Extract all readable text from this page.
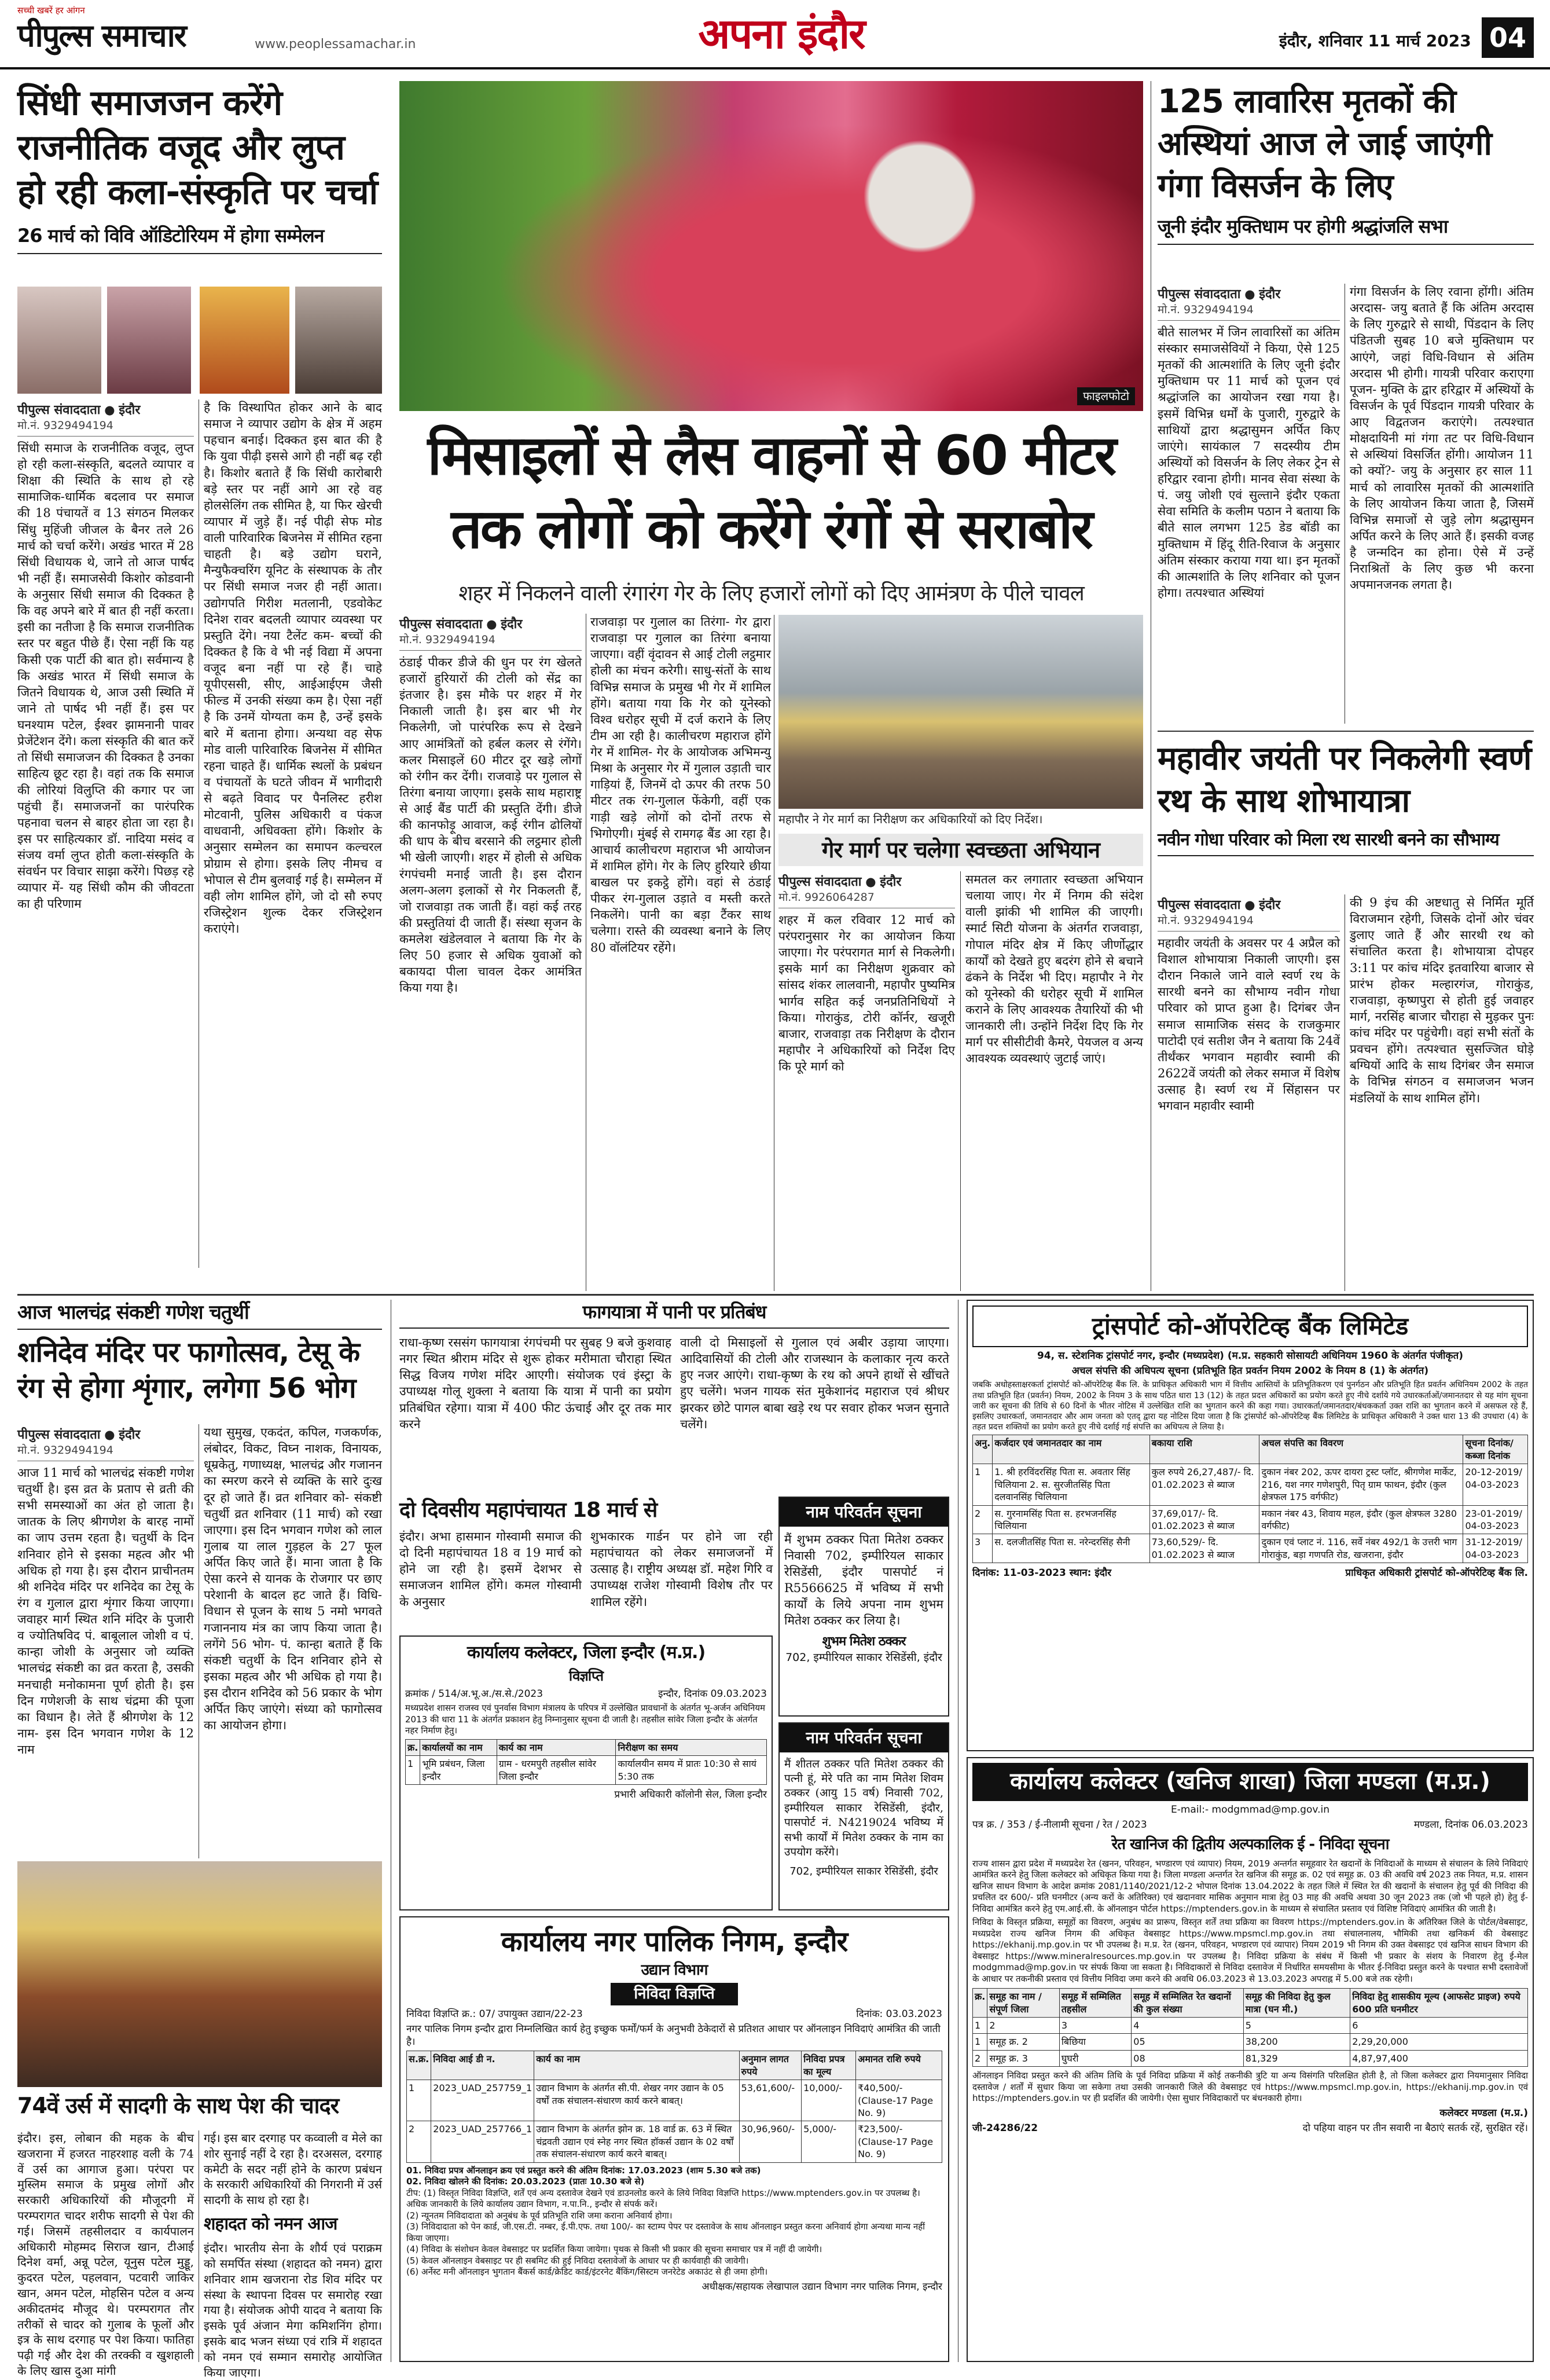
सच्ची खबरें हर आंगन
पीपुल्स समाचार	www.peoplessamachar.in	अपना इंदौर	इंदौर, शनिवार 11 मार्च 2023 04
सिंधी समाजजन करेंगे राजनीतिक वजूद और लुप्त हो रही कला-संस्कृति पर चर्चा
26 मार्च को विवि ऑडिटोरियम में होगा सम्मेलन
पीपुल्स संवाददाता ● इंदौर
मो.नं. 9329494194
सिंधी समाज के राजनीतिक वजूद, लुप्त हो रही कला-संस्कृति, बदलते व्यापार व शिक्षा की स्थिति के साथ हो रहे सामाजिक-धार्मिक बदलाव पर समाज की 18 पंचायतें व 13 संगठन मिलकर सिंधु मुहिंजी जीजल के बैनर तले 26 मार्च को चर्चा करेंगे। अखंड भारत में 28 सिंधी विधायक थे, जाने तो आज पार्षद भी नहीं हैं। समाजसेवी किशोर कोडवानी के अनुसार सिंधी समाज की दिक्कत है कि वह अपने बारे में बात ही नहीं करता। इसी का नतीजा है कि समाज राजनीतिक स्तर पर बहुत पीछे हैं। ऐसा नहीं कि यह किसी एक पार्टी की बात हो। सर्वमान्य है कि अखंड भारत में सिंधी समाज के जितने विधायक थे, आज उसी स्थिति में जाने तो पार्षद भी नहीं हैं। इस पर घनश्याम पटेल, ईश्वर झामनानी पावर प्रेजेंटेशन देंगे। कला संस्कृति की बात करें तो सिंधी समाजजन की दिक्कत है उनका साहित्य छूट रहा है। वहां तक कि समाज की लोरियां विलुप्ति की कगार पर जा पहुंची हैं। समाजजनों का पारंपरिक पहनावा चलन से बाहर होता जा रहा है। इस पर साहित्यकार डॉ. नादिया मसंद व संजय वर्मा लुप्त होती कला-संस्कृति के संवर्धन पर विचार साझा करेंगे। पिछड़ रहे व्यापार में- यह सिंधी कौम की जीवटता का ही परिणाम
है कि विस्थापित होकर आने के बाद समाज ने व्यापार उद्योग के क्षेत्र में अहम पहचान बनाई। दिक्कत इस बात की है कि युवा पीढ़ी इससे आगे ही नहीं बढ़ रही है। किशोर बताते हैं कि सिंधी कारोबारी बड़े स्तर पर नहीं आगे आ रहे वह होलसेलिंग तक सीमित है, या फिर खेरची व्यापार में जुड़े हैं। नई पीढ़ी सेफ मोड वाली पारिवारिक बिजनेस में सीमित रहना चाहती है। बड़े उद्योग घराने, मैन्युफैक्चरिंग यूनिट के संस्थापक के तौर पर सिंधी समाज नजर ही नहीं आता। उद्योगपति गिरीश मतलानी, एडवोकेट दिनेश रावर बदलती व्यापार व्यवस्था पर प्रस्तुति देंगे। नया टैलेंट कम- बच्चों की दिक्कत है कि वे भी नई विद्या में अपना वजूद बना नहीं पा रहे हैं। चाहे यूपीएससी, सीए, आईआईएम जैसी फील्ड में उनकी संख्या कम है। ऐसा नहीं है कि उनमें योग्यता कम है, उन्हें इसके बारे में बताना होगा। अन्यथा वह सेफ मोड वाली पारिवारिक बिजनेस में सीमित रहना चाहते हैं। धार्मिक स्थलों के प्रबंधन व पंचायतों के घटते जीवन में भागीदारी से बढ़ते विवाद पर पैनलिस्ट हरीश मोटवानी, पुलिस अधिकारी व पंकज वाधवानी, अधिवक्ता होंगे। किशोर के अनुसार सम्मेलन का समापन कल्चरल प्रोग्राम से होगा। इसके लिए नीमच व भोपाल से टीम बुलवाई गई है। सम्मेलन में वही लोग शामिल होंगे, जो दो सौ रुपए रजिस्ट्रेशन शुल्क देकर रजिस्ट्रेशन कराएंगे।
फाइलफोटो
मिसाइलों से लैस वाहनों से 60 मीटर तक लोगों को करेंगे रंगों से सराबोर
शहर में निकलने वाली रंगारंग गेर के लिए हजारों लोगों को दिए आमंत्रण के पीले चावल
पीपुल्स संवाददाता ● इंदौर
मो.नं. 9329494194
ठंडाई पीकर डीजे की धुन पर रंग खेलते हजारों हुरियारों की टोली को सेंद्र का इंतजार है। इस मौके पर शहर में गेर निकाली जाती है। इस बार भी गेर निकलेगी, जो पारंपरिक रूप से देखने आए आमंत्रितों को हर्बल कलर से रंगेंगे। कलर मिसाइलें 60 मीटर दूर खड़े लोगों को रंगीन कर देंगी। राजवाड़े पर गुलाल से तिरंगा बनाया जाएगा। इसके साथ महाराष्ट्र से आई बैंड पार्टी की प्रस्तुति देंगी। डीजे की कानफोड़ू आवाज, कई रंगीन ढोलियों की धाप के बीच बरसाने की लट्ठमार होली भी खेली जाएगी। शहर में होली से अधिक रंगपंचमी मनाई जाती है। इस दौरान अलग-अलग इलाकों से गेर निकलती हैं, जो राजवाड़ा तक जाती हैं। वहां कई तरह की प्रस्तुतियां दी जाती हैं। संस्था सृजन के कमलेश खंडेलवाल ने बताया कि गेर के लिए 50 हजार से अधिक युवाओं को बकायदा पीला चावल देकर आमंत्रित किया गया है।
राजवाड़ा पर गुलाल का तिरंगा- गेर द्वारा राजवाड़ा पर गुलाल का तिरंगा बनाया जाएगा। वहीं वृंदावन से आई टोली लट्ठमार होली का मंचन करेगी। साधु-संतों के साथ विभिन्न समाज के प्रमुख भी गेर में शामिल होंगे। बताया गया कि गेर को यूनेस्को विश्व धरोहर सूची में दर्ज कराने के लिए टीम आ रही है। कालीचरण महाराज होंगे गेर में शामिल- गेर के आयोजक अभिमन्यु मिश्रा के अनुसार गेर में गुलाल उड़ाती चार गाड़ियां हैं, जिनमें दो ऊपर की तरफ 50 मीटर तक रंग-गुलाल फेंकेगी, वहीं एक गाड़ी खड़े लोगों को दोनों तरफ से भिगोएगी। मुंबई से रामगढ़ बैंड आ रहा है। आचार्य कालीचरण महाराज भी आयोजन में शामिल होंगे। गेर के लिए हुरियारे छीया बाखल पर इकट्ठे होंगे। वहां से ठंडाई पीकर रंग-गुलाल उड़ाते व मस्ती करते निकलेंगे। पानी का बड़ा टैंकर साथ चलेगा। रास्ते की व्यवस्था बनाने के लिए 80 वॉलंटियर रहेंगे।
महापौर ने गेर मार्ग का निरीक्षण कर अधिकारियों को दिए निर्देश।
गेर मार्ग पर चलेगा स्वच्छता अभियान
पीपुल्स संवाददाता ● इंदौर
मो.नं. 9926064287
शहर में कल रविवार 12 मार्च को परंपरानुसार गेर का आयोजन किया जाएगा। गेर परंपरागत मार्ग से निकलेगी। इसके मार्ग का निरीक्षण शुक्रवार को सांसद शंकर लालवानी, महापौर पुष्यमित्र भार्गव सहित कई जनप्रतिनिधियों ने किया। गोराकुंड, टोरी कॉर्नर, खजूरी बाजार, राजवाड़ा तक निरीक्षण के दौरान महापौर ने अधिकारियों को निर्देश दिए कि पूरे मार्ग को
समतल कर लगातार स्वच्छता अभियान चलाया जाए। गेर में निगम की संदेश वाली झांकी भी शामिल की जाएगी। स्मार्ट सिटी योजना के अंतर्गत राजवाड़ा, गोपाल मंदिर क्षेत्र में किए जीर्णोद्धार कार्यों को देखते हुए बदरंग होने से बचाने ढंकने के निर्देश भी दिए। महापौर ने गेर को यूनेस्को की धरोहर सूची में शामिल कराने के लिए आवश्यक तैयारियों की भी जानकारी ली। उन्होंने निर्देश दिए कि गेर मार्ग पर सीसीटीवी कैमरे, पेयजल व अन्य आवश्यक व्यवस्थाएं जुटाई जाएं।
125 लावारिस मृतकों की अस्थियां आज ले जाई जाएंगी गंगा विसर्जन के लिए
जूनी इंदौर मुक्तिधाम पर होगी श्रद्धांजलि सभा
पीपुल्स संवाददाता ● इंदौर
मो.नं. 9329494194
बीते सालभर में जिन लावारिसों का अंतिम संस्कार समाजसेवियों ने किया, ऐसे 125 मृतकों की आत्मशांति के लिए जूनी इंदौर मुक्तिधाम पर 11 मार्च को पूजन एवं श्रद्धांजलि का आयोजन रखा गया है। इसमें विभिन्न धर्मों के पुजारी, गुरुद्वारे के साथियों द्वारा श्रद्धासुमन अर्पित किए जाएंगे। सायंकाल 7 सदस्यीय टीम अस्थियों को विसर्जन के लिए लेकर ट्रेन से हरिद्वार रवाना होगी। मानव सेवा संस्था के पं. जयु जोशी एवं सुल्ताने इंदौर एकता सेवा समिति के कलीम पठान ने बताया कि बीते साल लगभग 125 डेड बॉडी का मुक्तिधाम में हिंदू रीति-रिवाज के अनुसार अंतिम संस्कार कराया गया था। इन मृतकों की आत्मशांति के लिए शनिवार को पूजन होगा। तत्पश्चात अस्थियां
गंगा विसर्जन के लिए रवाना होंगी। अंतिम अरदास- जयु बताते हैं कि अंतिम अरदास के लिए गुरुद्वारे से साथी, पिंडदान के लिए पंडितजी सुबह 10 बजे मुक्तिधाम पर आएंगे, जहां विधि-विधान से अंतिम अरदास भी होगी। गायत्री परिवार कराएगा पूजन- मुक्ति के द्वार हरिद्वार में अस्थियों के विसर्जन के पूर्व पिंडदान गायत्री परिवार के आए विद्वतजन कराएंगे। तत्पश्चात मोक्षदायिनी मां गंगा तट पर विधि-विधान से अस्थियां विसर्जित होंगी। आयोजन 11 को क्यों?- जयु के अनुसार हर साल 11 मार्च को लावारिस मृतकों की आत्मशांति के लिए आयोजन किया जाता है, जिसमें विभिन्न समाजों से जुड़े लोग श्रद्धासुमन अर्पित करने के लिए आते हैं। इसकी वजह है जन्मदिन का होना। ऐसे में उन्हें निराश्रितों के लिए कुछ भी करना अपमानजनक लगता है।
महावीर जयंती पर निकलेगी स्वर्ण रथ के साथ शोभायात्रा
नवीन गोधा परिवार को मिला रथ सारथी बनने का सौभाग्य
पीपुल्स संवाददाता ● इंदौर
मो.नं. 9329494194
महावीर जयंती के अवसर पर 4 अप्रैल को विशाल शोभायात्रा निकाली जाएगी। इस दौरान निकाले जाने वाले स्वर्ण रथ के सारथी बनने का सौभाग्य नवीन गोधा परिवार को प्राप्त हुआ है। दिगंबर जैन समाज सामाजिक संसद के राजकुमार पाटोदी एवं सतीश जैन ने बताया कि 24वें तीर्थंकर भगवान महावीर स्वामी की 2622वें जयंती को लेकर समाज में विशेष उत्साह है। स्वर्ण रथ में सिंहासन पर भगवान महावीर स्वामी
की 9 इंच की अष्टधातु से निर्मित मूर्ति विराजमान रहेगी, जिसके दोनों ओर चंवर डुलाए जाते हैं और सारथी रथ को संचालित करता है। शोभायात्रा दोपहर 3:11 पर कांच मंदिर इतवारिया बाजार से प्रारंभ होकर मल्हारगंज, गोराकुंड, राजवाड़ा, कृष्णपुरा से होती हुई जवाहर मार्ग, नरसिंह बाजार चौराहा से मुड़कर पुनः कांच मंदिर पर पहुंचेगी। वहां सभी संतों के प्रवचन होंगे। तत्पश्चात सुसज्जित घोड़े बग्घियों आदि के साथ दिगंबर जैन समाज के विभिन्न संगठन व समाजजन भजन मंडलियों के साथ शामिल होंगे।
आज भालचंद्र संकष्टी गणेश चतुर्थी
शनिदेव मंदिर पर फागोत्सव, टेसू के रंग से होगा शृंगार, लगेगा 56 भोग
पीपुल्स संवाददाता ● इंदौर
मो.नं. 9329494194
आज 11 मार्च को भालचंद्र संकष्टी गणेश चतुर्थी है। इस व्रत के प्रताप से व्रती की सभी समस्याओं का अंत हो जाता है। जातक के लिए श्रीगणेश के बारह नामों का जाप उत्तम रहता है। चतुर्थी के दिन शनिवार होने से इसका महत्व और भी अधिक हो गया है। इस दौरान प्राचीनतम श्री शनिदेव मंदिर पर शनिदेव का टेसू के रंग व गुलाल द्वारा शृंगार किया जाएगा। जवाहर मार्ग स्थित शनि मंदिर के पुजारी व ज्योतिषविद पं. बाबूलाल जोशी व पं. कान्हा जोशी के अनुसार जो व्यक्ति भालचंद्र संकष्टी का व्रत करता है, उसकी मनचाही मनोकामना पूर्ण होती है। इस दिन गणेशजी के साथ चंद्रमा की पूजा का विधान है। लेते हैं श्रीगणेश के 12 नाम- इस दिन भगवान गणेश के 12 नाम
यथा सुमुख, एकदंत, कपिल, गजकर्णक, लंबोदर, विकट, विघ्न नाशक, विनायक, धूम्रकेतु, गणाध्यक्ष, भालचंद्र और गजानन का स्मरण करने से व्यक्ति के सारे दुःख दूर हो जाते हैं। व्रत शनिवार को- संकष्टी चतुर्थी व्रत शनिवार (11 मार्च) को रखा जाएगा। इस दिन भगवान गणेश को लाल गुलाब या लाल गुड़हल के 27 फूल अर्पित किए जाते हैं। माना जाता है कि ऐसा करने से यानक के रोजगार पर छाए परेशानी के बादल हट जाते हैं। विधि-विधान से पूजन के साथ 5 नमो भगवते गजाननाय मंत्र का जाप किया जाता है। लगेंगे 56 भोग- पं. कान्हा बताते हैं कि संकष्टी चतुर्थी के दिन शनिवार होने से इसका महत्व और भी अधिक हो गया है। इस दौरान शनिदेव को 56 प्रकार के भोग अर्पित किए जाएंगे। संध्या को फागोत्सव का आयोजन होगा।
74वें उर्स में सादगी के साथ पेश की चादर
इंदौर। इस, लोबान की महक के बीच खजराना में हजरत नाहरशाह वली के 74 वें उर्स का आगाज हुआ। परंपरा पर मुस्लिम समाज के प्रमुख लोगों और सरकारी अधिकारियों की मौजूदगी में परम्परागत चादर शरीफ सादगी से पेश की गई। जिसमें तहसीलदार व कार्यपालन अधिकारी मोहम्मद सिराज खान, टीआई दिनेश वर्मा, अन्नू पटेल, यूनुस पटेल मुड्डू, कुदरत पटेल, पहलवान, पटवारी जाकिर खान, अमन पटेल, मोहसिन पटेल व अन्य अकीदतमंद मौजूद थे। परम्परागत तौर तरीकों से चादर को गुलाब के फूलों और इत्र के साथ दरगाह पर पेश किया। फातिहा पढ़ी गई और देश की तरक्की व खुशहाली के लिए खास दुआ मांगी
गई। इस बार दरगाह पर कव्वाली व मेले का शोर सुनाई नहीं दे रहा है। दरअसल, दरगाह कमेटी के सदर नहीं होने के कारण प्रबंधन के सरकारी अधिकारियों की निगरानी में उर्स सादगी के साथ हो रहा है।
शहादत को नमन आज
इंदौर। भारतीय सेना के शौर्य एवं पराक्रम को समर्पित संस्था (शहादत को नमन) द्वारा शनिवार शाम खजराना रोड शिव मंदिर पर संस्था के स्थापना दिवस पर समारोह रखा गया है। संयोजक ओपी यादव ने बताया कि इसके पूर्व अंजान मेगा कमिशनिंग होगा। इसके बाद भजन संध्या एवं रात्रि में शहादत को नमन एवं सम्मान समारोह आयोजित किया जाएगा।
फागयात्रा में पानी पर प्रतिबंध
राधा-कृष्ण रससंग फागयात्रा रंगपंचमी पर सुबह 9 बजे कुशवाह नगर स्थित श्रीराम मंदिर से शुरू होकर मरीमाता चौराहा स्थित सिद्ध विजय गणेश मंदिर आएगी। संयोजक एवं इंस्ट्रा के उपाध्यक्ष गोलू शुक्ला ने बताया कि यात्रा में पानी का प्रयोग प्रतिबंधित रहेगा। यात्रा में 400 फीट ऊंचाई और दूर तक मार करने
वाली दो मिसाइलों से गुलाल एवं अबीर उड़ाया जाएगा। आदिवासियों की टोली और राजस्थान के कलाकार नृत्य करते हुए नजर आएंगे। राधा-कृष्ण के रथ को अपने हाथों से खींचते हुए चलेंगे। भजन गायक संत मुकेशानंद महाराज एवं श्रीधर झरकर छोटे पागल बाबा खड़े रथ पर सवार होकर भजन सुनाते चलेंगे।
दो दिवसीय महापंचायत 18 मार्च से
इंदौर। अभा हासमान गोस्वामी समाज की दो दिनी महापंचायत 18 व 19 मार्च को होने जा रही है। इसमें देशभर से समाजजन शामिल होंगे। कमल गोस्वामी के अनुसार
शुभकारक गार्डन पर होने जा रही महापंचायत को लेकर समाजजनों में उत्साह है। राष्ट्रीय अध्यक्ष डॉ. महेश गिरि व उपाध्यक्ष राजेश गोस्वामी विशेष तौर पर शामिल रहेंगे।
कार्यालय कलेक्टर, जिला इन्दौर (म.प्र.)
विज्ञप्ति
क्रमांक / 514/अ.भू.अ./स.से./2023	इन्दौर, दिनांक 09.03.2023
मध्यप्रदेश शासन राजस्व एवं पुनर्वास विभाग मंत्रालय के परिपत्र में उल्लेखित प्रावधानों के अंतर्गत भू-अर्जन अधिनियम 2013 की धारा 11 के अंतर्गत प्रकाशन हेतु निम्नानुसार सूचना दी जाती है। तहसील सांवेर जिला इन्दौर के अंतर्गत नहर निर्माण हेतु।
क्र.	कार्यालयों का नाम	कार्य का नाम	निरीक्षण का समय
1	भूमि प्रबंधन, जिला इन्दौर	ग्राम - धरमपुरी तहसील सांवेर जिला इन्दौर	कार्यालयीन समय में प्रातः 10:30 से सायं 5:30 तक
प्रभारी अधिकारी कॉलोनी सेल, जिला इन्दौर
नाम परिवर्तन सूचना
मैं शुभम ठक्कर पिता मितेश ठक्कर निवासी 702, इम्पीरियल साकार रेसिडेंसी, इंदौर पासपोर्ट नं R5566625 में भविष्य में सभी कार्यों के लिये अपना नाम शुभम मितेश ठक्कर कर लिया है।
शुभम मितेश ठक्कर
702, इम्पीरियल साकार रेसिडेंसी, इंदौर
नाम परिवर्तन सूचना
मैं शीतल ठक्कर पति मितेश ठक्कर की पत्नी हूं, मेरे पति का नाम मितेश शिवम ठक्कर (आयु 15 वर्ष) निवासी 702, इम्पीरियल साकार रेसिडेंसी, इंदौर, पासपोर्ट नं. N4219024 भविष्य में सभी कार्यों में मितेश ठक्कर के नाम का उपयोग करेंगे।
702, इम्पीरियल साकार रेसिडेंसी, इंदौर
कार्यालय नगर पालिक निगम, इन्दौर
उद्यान विभाग
निविदा विज्ञप्ति
निविदा विज्ञप्ति क्र.: 07/ उपायुक्त उद्यान/22-23	दिनांक: 03.03.2023
नगर पालिक निगम इन्दौर द्वारा निम्नलिखित कार्य हेतु इच्छुक फर्मों/फर्म के अनुभवी ठेकेदारों से प्रतिशत आधार पर ऑनलाइन निविदाएं आमंत्रित की जाती है।
स.क्र.	निविदा आई डी न.	कार्य का नाम	अनुमान लागत रुपये	निविदा प्रपत्र का मूल्य	अमानत राशि रुपये
1	2023_UAD_257759_1	उद्यान विभाग के अंतर्गत सी.पी. शेखर नगर उद्यान के 05 वर्षों तक संचालन-संधारण कार्य करने बाबत्।	53,61,600/-	10,000/-	₹40,500/- (Clause-17 Page No. 9)
2	2023_UAD_257766_1	उद्यान विभाग के अंतर्गत झोन क्र. 18 वार्ड क्र. 63 में स्थित चंद्रवती उद्यान एवं स्नेह नगर स्थित हॉकर्स उद्यान के 02 वर्षों तक संचालन-संधारण कार्य करने बाबत्।	30,96,960/-	5,000/-	₹23,500/- (Clause-17 Page No. 9)
01. निविदा प्रपत्र ऑनलाइन क्रय एवं प्रस्तुत करने की अंतिम दिनांक: 17.03.2023 (शाम 5.30 बजे तक)
02. निविदा खोलने की दिनांक: 20.03.2023 (प्रातः 10.30 बजे से)
टीप: (1) विस्तृत निविदा विज्ञप्ति, शर्तें एवं अन्य दस्तावेज देखने एवं डाउनलोड करने के लिये निविदा विज्ञप्ति https://www.mptenders.gov.in पर उपलब्ध है। अधिक जानकारी के लिये कार्यालय उद्यान विभाग, न.पा.नि., इन्दौर से संपर्क करें।
(2) न्यूनतम निविदादाता को अनुबंध के पूर्व प्रतिभूति राशि जमा कराना अनिवार्य होगा।
(3) निविदादाता को पेन कार्ड, जी.एस.टी. नम्बर, ई.पी.एफ. तथा 100/- का स्टाम्प पेपर पर दस्तावेज के साथ ऑनलाइन प्रस्तुत करना अनिवार्य होगा अन्यथा मान्य नहीं किया जाएगा।
(4) निविदा के संशोधन केवल वेबसाइट पर प्रदर्शित किया जायेगा। पृथक से किसी भी प्रकार की सूचना समाचार पत्र में नहीं दी जायेगी।
(5) केवल ऑनलाइन वेबसाइट पर ही सबमिट की हुई निविदा दस्तावेजों के आधार पर ही कार्यवाही की जावेगी।
(6) अर्नेस्ट मनी ऑनलाइन भुगतान बैंकर्स कार्ड/क्रेडिट कार्ड/इंटरनेट बैंकिंग/सिस्टम जनरेटेड अकाउंट से ही जमा होगी।
अधीक्षक/सहायक लेखापाल उद्यान विभाग नगर पालिक निगम, इन्दौर
ट्रांसपोर्ट को-ऑपरेटिव्ह बैंक लिमिटेड
94, स. स्टेशनिक ट्रांसपोर्ट नगर, इन्दौर (मध्यप्रदेश) (म.प्र. सहकारी सोसायटी अधिनियम 1960 के अंतर्गत पंजीकृत)
अचल संपत्ति की अधिपत्य सूचना (प्रतिभूति हित प्रवर्तन नियम 2002 के नियम 8 (1) के अंतर्गत)
जबकि अधोहस्ताक्षरकर्ता ट्रांसपोर्ट को-ऑपरेटिव्ह बैंक लि. के प्राधिकृत अधिकारी भाग में वित्तीय आस्तियों के प्रतिभूतिकरण एवं पुनर्गठन और प्रतिभूति हित प्रवर्तन अधिनियम 2002 के तहत तथा प्रतिभूति हित (प्रवर्तन) नियम, 2002 के नियम 3 के साथ पठित धारा 13 (12) के तहत प्रदत्त अधिकारों का प्रयोग करते हुए नीचे दर्शाये गये उधारकर्ताओं/जमानतदार से यह मांग सूचना जारी कर सूचना की तिथि से 60 दिनों के भीतर नोटिस में उल्लेखित राशि का भुगतान करने की कहा गया। उधारकर्ता/जमानतदार/बंधककर्ता उक्त राशि का भुगतान करने में असफल रहे हैं, इसलिए उधारकर्ता, जमानतदार और आम जनता को एतद् द्वारा यह नोटिस दिया जाता है कि ट्रांसपोर्ट को-ऑपरेटिव्ह बैंक लिमिटेड के प्राधिकृत अधिकारी ने उक्त धारा 13 की उपधारा (4) के तहत प्रदत्त शक्तियों का प्रयोग करते हुए नीचे दर्शाई गई संपत्ति का अधिपत्य ले लिया है।
अनु.	कर्जदार एवं जमानतदार का नाम	बकाया राशि	अचल संपत्ति का विवरण	सूचना दिनांक/ कब्जा दिनांक
1	1. श्री हरविंदरसिंह पिता स. अवतार सिंह चिलियाना 2. स. सुरजीतसिंह पिता दलवानसिंह चिलियाना	कुल रुपये 26,27,487/- दि. 01.02.2023 से ब्याज	दुकान नंबर 202, ऊपर दायरा ट्रस्ट प्लॉट, श्रीगणेश मार्केट, 216, यश नगर गणेशपुरी, पितृ ग्राम फाथन, इंदौर (कुल क्षेत्रफल 175 वर्गफीट)	20-12-2019/ 04-03-2023
2	स. गुरनामसिंह पिता स. हरभजनसिंह चिलियाना	37,69,017/- दि. 01.02.2023 से ब्याज	मकान नंबर 43, शिवाय महल, इंदौर (कुल क्षेत्रफल 3280 वर्गफीट)	23-01-2019/ 04-03-2023
3	स. दलजीतसिंह पिता स. नरेन्दरसिंह सैनी	73,60,529/- दि. 01.02.2023 से ब्याज	दुकान एवं प्लाट नं. 116, सर्वे नंबर 492/1 के उत्तरी भाग गोराकुंड, बड़ा गणपति रोड, खजराना, इंदौर	31-12-2019/ 04-03-2023
दिनांक: 11-03-2023 स्थान: इंदौर	प्राधिकृत अधिकारी ट्रांसपोर्ट को-ऑपरेटिव्ह बैंक लि.
कार्यालय कलेक्टर (खनिज शाखा) जिला मण्डला (म.प्र.)
E-mail:- modgmmad@mp.gov.in
पत्र क्र. / 353 / ई-नीलामी सूचना / रेत / 2023	मण्डला, दिनांक 06.03.2023
रेत खानिज की द्वितीय अल्पकालिक ई - निविदा सूचना
राज्य शासन द्वारा प्रदेश में मध्यप्रदेश रेत (खनन, परिवहन, भण्डारण एवं व्यापार) नियम, 2019 अन्तर्गत समूहवार रेत खदानों के निविदाओं के माध्यम से संचालन के लिये निविदाएं आमंत्रित करने हेतु जिला कलेक्टर को अधिकृत किया गया है। जिला मण्डला अन्तर्गत रेत खनिज की समूह क्र. 02 एवं समूह क्र. 03 की अवधि वर्ष 2023 तक नियत, म.प्र. शासन खनिज साधन विभाग के आदेश क्रमांक 2081/1140/2021/12-2 भोपाल दिनांक 13.04.2022 के तहत जिले में स्थित रेत की खदानों के संचालन हेतु पूर्व की निविदा की प्रचलित दर 600/- प्रति घनमीटर (अन्य करों के अतिरिक्त) एवं खदानवार मासिक अनुमान मात्रा हेतु 03 माह की अवधि अथवा 30 जून 2023 तक (जो भी पहले हो) हेतु ई-निविदा आमंत्रित करने हेतु एम.आई.सी. के ऑनलाइन पोर्टल https://mptenders.gov.in के माध्यम से संचालित प्रस्ताव एवं विशिष्ट निविदाएं आमंत्रित की जाती है।
निविदा के विस्तृत प्रक्रिया, समूहों का विवरण, अनुबंध का प्रारूप, विस्तृत शर्तें तथा प्रक्रिया का विवरण https://mptenders.gov.in के अतिरिक्त जिले के पोर्टल/वेबसाइट, मध्यप्रदेश राज्य खनिज निगम की अधिकृत वेबसाइट https://www.mpsmcl.mp.gov.in तथा संचालनालय, भौमिकी तथा खनिकर्म की वेबसाइट https://ekhanij.mp.gov.in पर भी उपलब्ध है। म.प्र. रेत (खनन, परिवहन, भण्डारण एवं व्यापार) नियम 2019 भी निगम की उक्त वेबसाइट एवं खनिज साधन विभाग की वेबसाइट https://www.mineralresources.mp.gov.in पर उपलब्ध है। निविदा प्रक्रिया के संबंध में किसी भी प्रकार के संशय के निवारण हेतु ई-मेल modgmmad@mp.gov.in पर संपर्क किया जा सकता है। निविदाकारों से निविदा दस्तावेज में निर्धारित समयसीमा के भीतर ई-निविदा प्रस्तुत करने के पश्चात सभी दस्तावेजों के आधार पर तकनीकी प्रस्ताव एवं वित्तीय निविदा जमा करने की अवधि 06.03.2023 से 13.03.2023 अपराह्न में 5.00 बजे तक रहेगी।
क्र.	समूह का नाम / संपूर्ण जिला	समूह में सम्मिलित तहसील	समूह में सम्मिलित रेत खदानों की कुल संख्या	समूह की निविदा हेतु कुल मात्रा (घन मी.)	निविदा हेतु शासकीय मूल्य (आफसेट प्राइज) रुपये 600 प्रति घनमीटर
1	2	3	4	5	6
1	समूह क्र. 2	बिछिया	05	38,200	2,29,20,000
2	समूह क्र. 3	घुघरी	08	81,329	4,87,97,400
ऑनलाइन निविदा प्रस्तुत करने की अंतिम तिथि के पूर्व निविदा प्रक्रिया में कोई तकनीकी त्रुटि या अन्य विसंगति परिलक्षित होती है, तो जिला कलेक्टर द्वारा नियमानुसार निविदा दस्तावेज / शर्तों में सुधार किया जा सकेगा तथा उसकी जानकारी जिले की वेबसाइट एवं https://www.mpsmcl.mp.gov.in, https://ekhanij.mp.gov.in एवं https://mptenders.gov.in पर ही प्रदर्शित की जायेगी। ऐसा सुधार निविदाकारों पर बंधनकारी होगा।
कलेक्टर मण्डला (म.प्र.)
जी-24286/22	दो पहिया वाहन पर तीन सवारी ना बैठाएं सतर्क रहें, सुरक्षित रहें।
